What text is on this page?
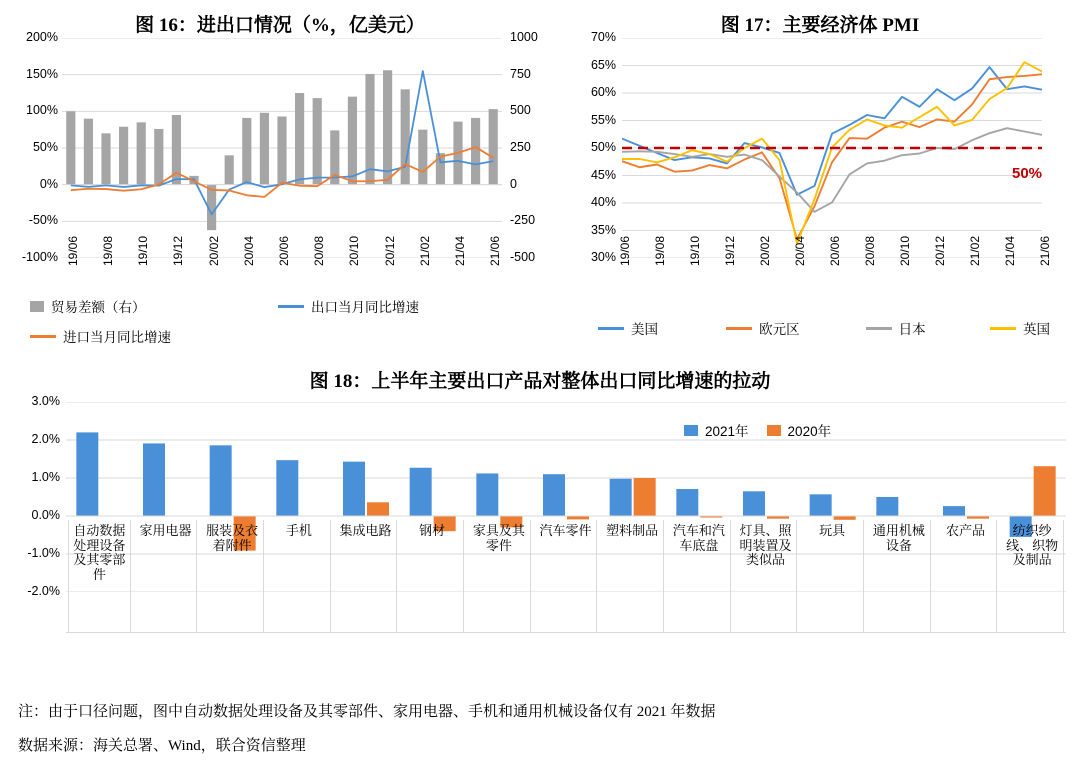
图 16：进出口情况（%，亿美元）
-100%
-50%
0%
50%
100%
150%
200%
-500
-250
0
250
500
750
1000
19/06 19/08 19/10 19/12 20/02 20/04 20/06 20/08 20/10 20/12 21/02 21/04 21/06
贸易差额（右）	出口当月同比增速
进口当月同比增速
图 17：主要经济体 PMI
30%
35%
40%
45%
50%
55%
60%
65%
70%
19/06 19/08 19/10 19/12 20/02 20/04 20/06 20/08 20/10 20/12 21/02 21/04 21/06
50%
美国	欧元区	日本	英国
图 18：上半年主要出口产品对整体出口同比增速的拉动
-2.0%
-1.0%
0.0%
1.0%
2.0%
3.0%
自动数据处理设备及其零部件
家用电器	服装及衣着附件
手机	集成电路	钢材	家具及其零件
汽车零件	塑料制品	汽车和汽车底盘
灯具、照明装置及类似品
玩具	通用机械设备
农产品	纺织纱线、织物及制品
2021年	2020年
注：由于口径问题，图中自动数据处理设备及其零部件、家用电器、手机和通用机械设备仅有 2021 年数据
数据来源：海关总署、Wind，联合资信整理
